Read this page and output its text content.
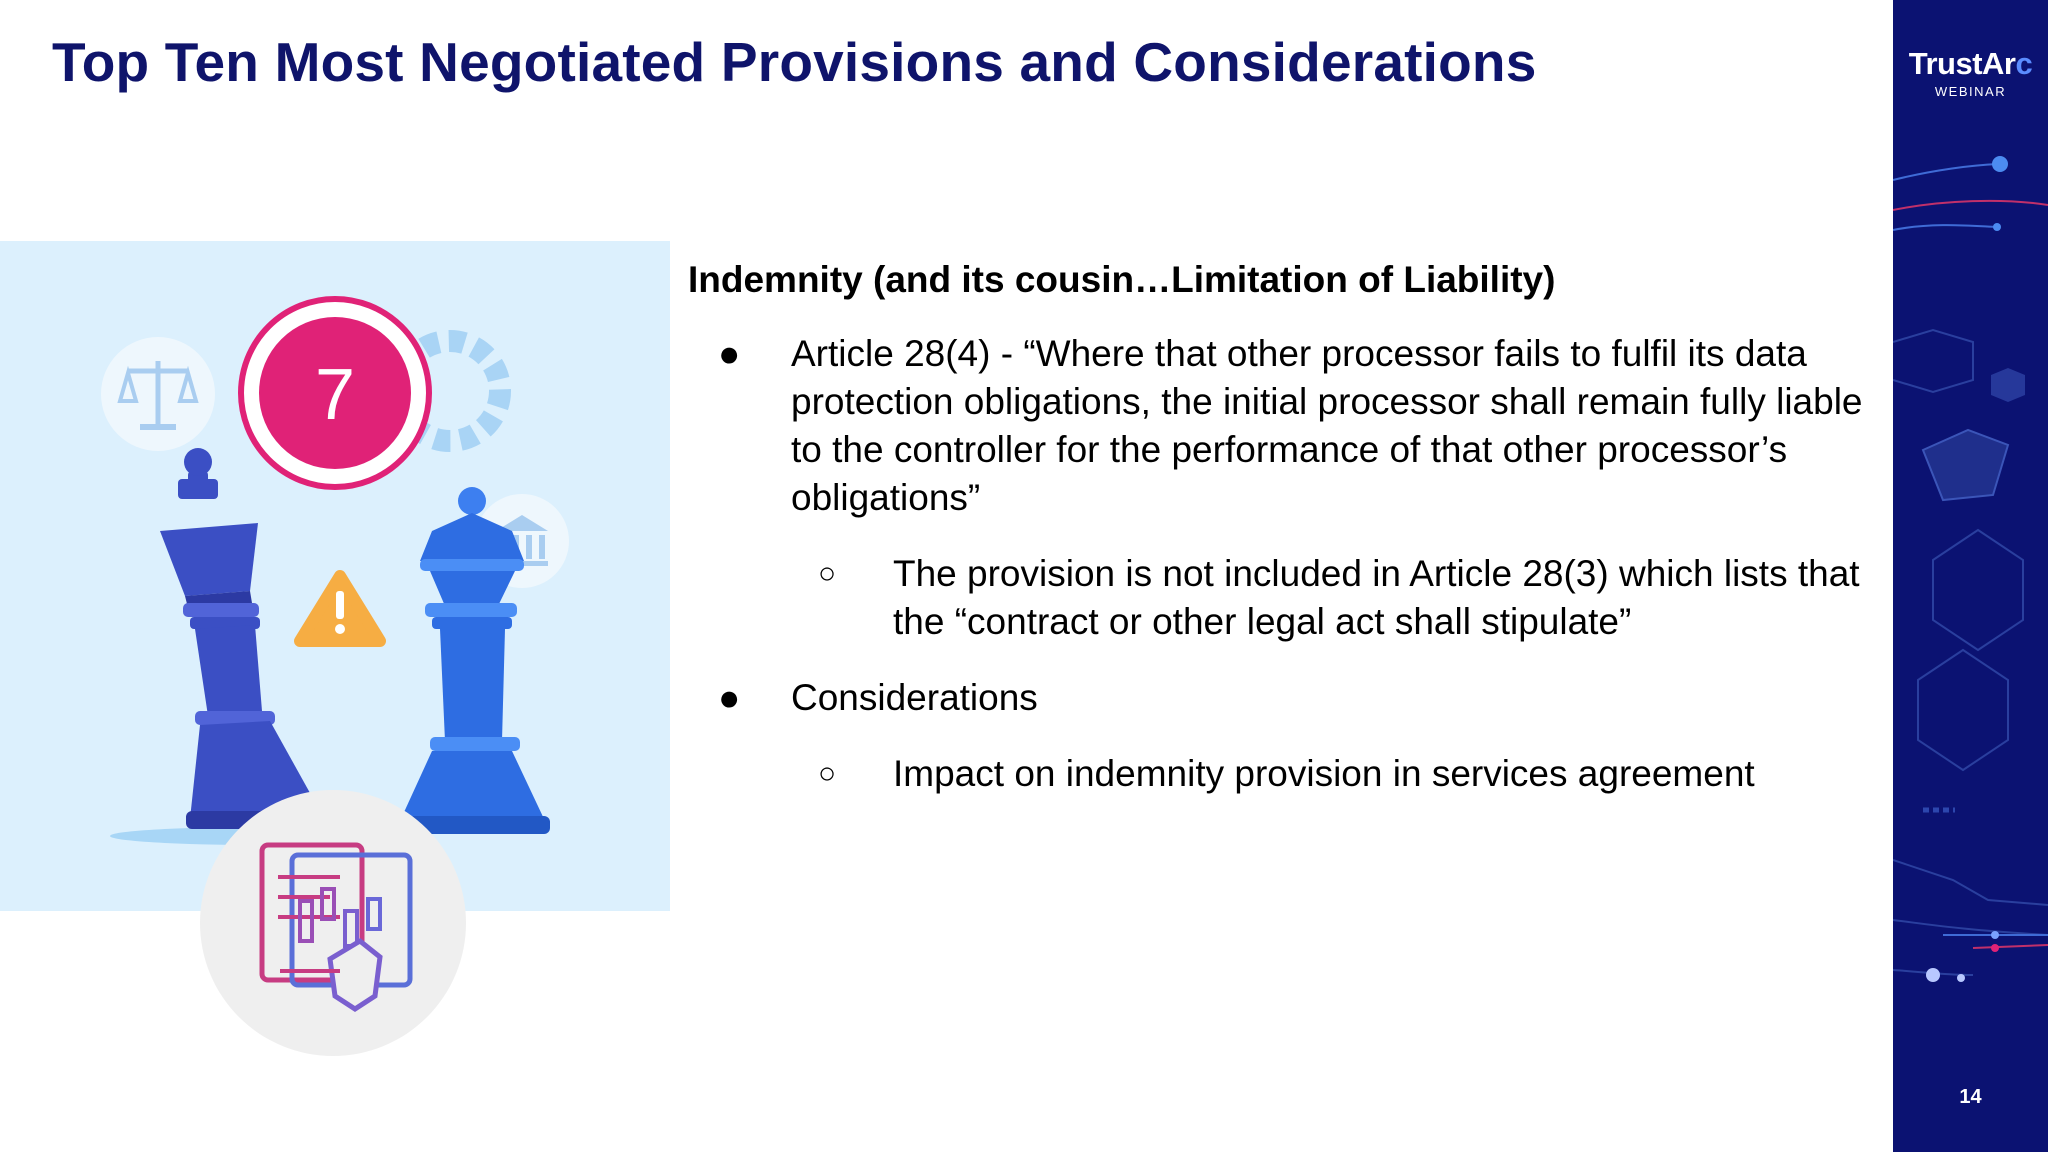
Top Ten Most Negotiated Provisions and Considerations	TrustArc
WEBINAR
14
7
Indemnity (and its cousin…Limitation of Liability)
● Article 28(4) - “Where that other processor fails to fulfil its data protection obligations, the initial processor shall remain fully liable to the controller for the performance of that other processor’s obligations”
○ The provision is not included in Article 28(3) which lists that the “contract or other legal act shall stipulate”
● Considerations
○ Impact on indemnity provision in services agreement
